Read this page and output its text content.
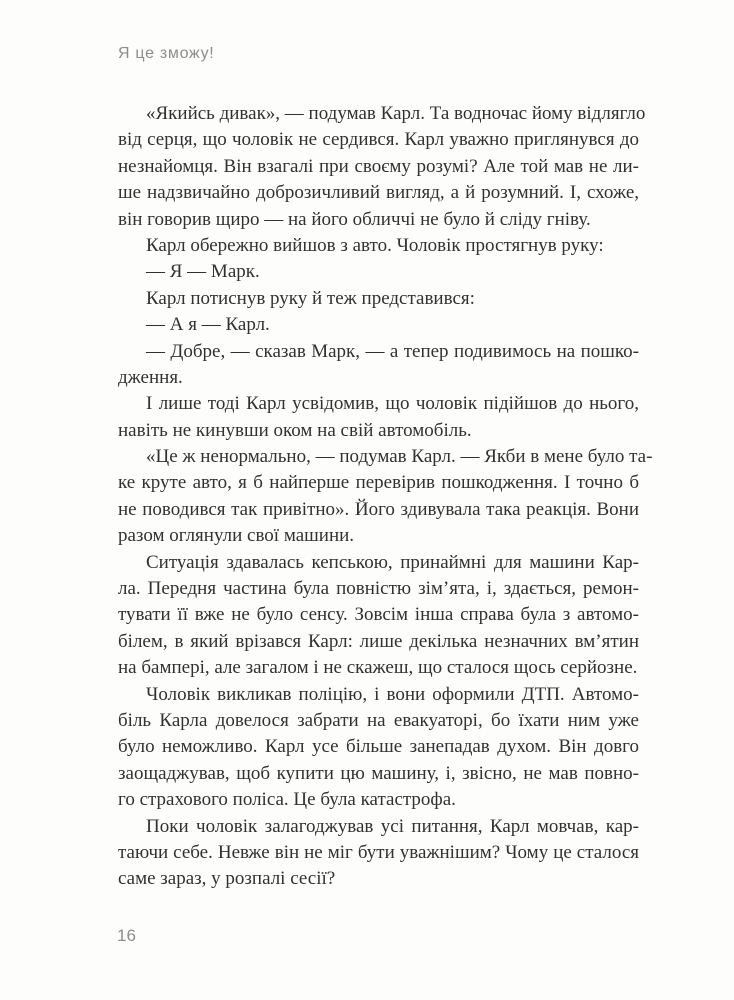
Я це зможу!
«Якийсь дивак», — подумав Карл. Та водночас йому відлягло
від серця, що чоловік не сердився. Карл уважно приглянувся до
незнайомця. Він взагалі при своєму розумі? Але той мав не ли-
ше надзвичайно доброзичливий вигляд, а й розумний. І, схоже,
він говорив щиро — на його обличчі не було й сліду гніву.
Карл обережно вийшов з авто. Чоловік простягнув руку:
— Я — Марк.
Карл потиснув руку й теж представився:
— А я — Карл.
— Добре, — сказав Марк, — а тепер подивимось на пошко-
дження.
І лише тоді Карл усвідомив, що чоловік підійшов до нього,
навіть не кинувши оком на свій автомобіль.
«Це ж ненормально, — подумав Карл. — Якби в мене було та-
ке круте авто, я б найперше перевірив пошкодження. І точно б
не поводився так привітно». Його здивувала така реакція. Вони
разом оглянули свої машини.
Ситуація здавалась кепською, принаймні для машини Кар-
ла. Передня частина була повністю зім’ята, і, здається, ремон-
тувати її вже не було сенсу. Зовсім інша справа була з автомо-
білем, в який врізався Карл: лише декілька незначних вм’ятин
на бампері, але загалом і не скажеш, що сталося щось серйозне.
Чоловік викликав поліцію, і вони оформили ДТП. Автомо-
біль Карла довелося забрати на евакуаторі, бо їхати ним уже
було неможливо. Карл усе більше занепадав духом. Він довго
заощаджував, щоб купити цю машину, і, звісно, не мав повно-
го страхового поліса. Це була катастрофа.
Поки чоловік залагоджував усі питання, Карл мовчав, кар-
таючи себе. Невже він не міг бути уважнішим? Чому це сталося
саме зараз, у розпалі сесії?
16
